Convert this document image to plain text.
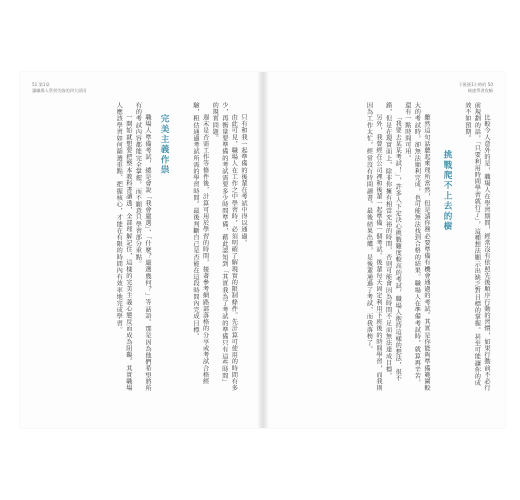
51 第1章
讓職場人學習失敗的四大原因

只有和我一起準備的後輩在考試中得以通過。

由此可見，職場人在工作之中學習時，必須明確了解現實的限制條件。先計算可使用的時間有多少，再衡量要準備的考試需要多少時間準備，藉此認知到「其實我為了考試的準備只有這些時間」的現實問題。

週末是否需工作等條件後，計算可用於學習的時間，接著參考網路部落格的分享或考試合格經驗，粗估通過考試所需的學習時間。最後判斷自己是否能在這段時間內完成目標。

完美主義作祟

職場人準備考試，總是會說「我會嚴選」、「什麼？嚴選幾何？」等話語。那是因為他們希望將所有的考試內容都能完全掌握，而不願意只學習部分重點。

一開始就想要把整本教科書讀透，全部理解記住，這樣的完美主義心態反而成為阻礙。其實職場人應該學習如何篩選重點、把握核心，才能在有限的時間內有效率地完成學習。

下班後1小時的 50
極速學習攻略

比較令人意外的是，職場人在學習期間，經常沒有依照先後順序行動的習慣，如果行動前不必行前規劃的話，「只要利用時間學習就行了」，這種想法顯示出缺乏對目標的掌握。甚至可能讓你的成效不如預期。

挑戰爬不上去的樹

雖然這句話聽起來理所當然，但是請你務必要準備有機會通過的考試。其實是你能夠準備範圍較大的考試時，卻無法順利完成，也可能無法找到合格的結果。職場人在準備考試時，就算再辛苦，還有一點時間可用。

「我要去某某考試！」，許多人下定決心挑戰難度較高的考試，職場人抱持這樣的想法，很不錯，但是在現實面上，除非你擁有相當充裕的時間，否則可能會因為時間不足而無法達成目標。

另外，我曾經在公司裡和後輩一起準備一個考試。後輩每天固定利用下班後的時間學習，而我則因為工作太忙，經常沒有時間讀書。最後結果出爐，是後輩通過了考試，而我落榜了。
